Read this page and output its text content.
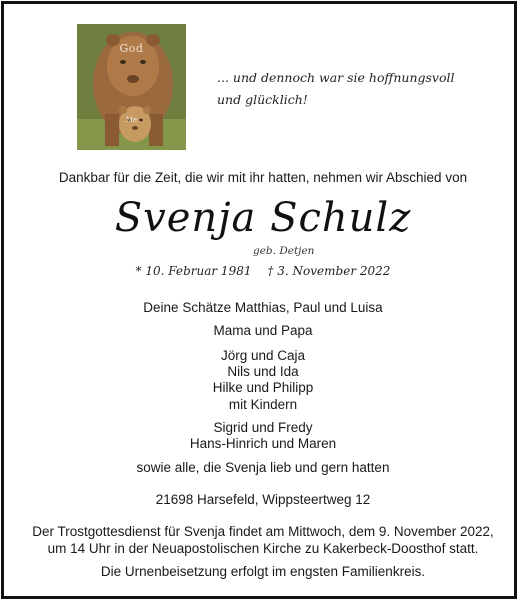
God
Me
... und dennoch war sie hoffnungsvoll
und glücklich!
Dankbar für die Zeit, die wir mit ihr hatten, nehmen wir Abschied von
Svenja Schulz
geb. Detjen
* 10. Februar 1981 † 3. November 2022
Deine Schätze Matthias, Paul und Luisa
Mama und Papa
Jörg und Caja
Nils und Ida
Hilke und Philipp
mit Kindern
Sigrid und Fredy
Hans-Hinrich und Maren
sowie alle, die Svenja lieb und gern hatten
21698 Harsefeld, Wippsteertweg 12
Der Trostgottesdienst für Svenja findet am Mittwoch, dem 9. November 2022,
um 14 Uhr in der Neuapostolischen Kirche zu Kakerbeck-Doosthof statt.
Die Urnenbeisetzung erfolgt im engsten Familienkreis.
